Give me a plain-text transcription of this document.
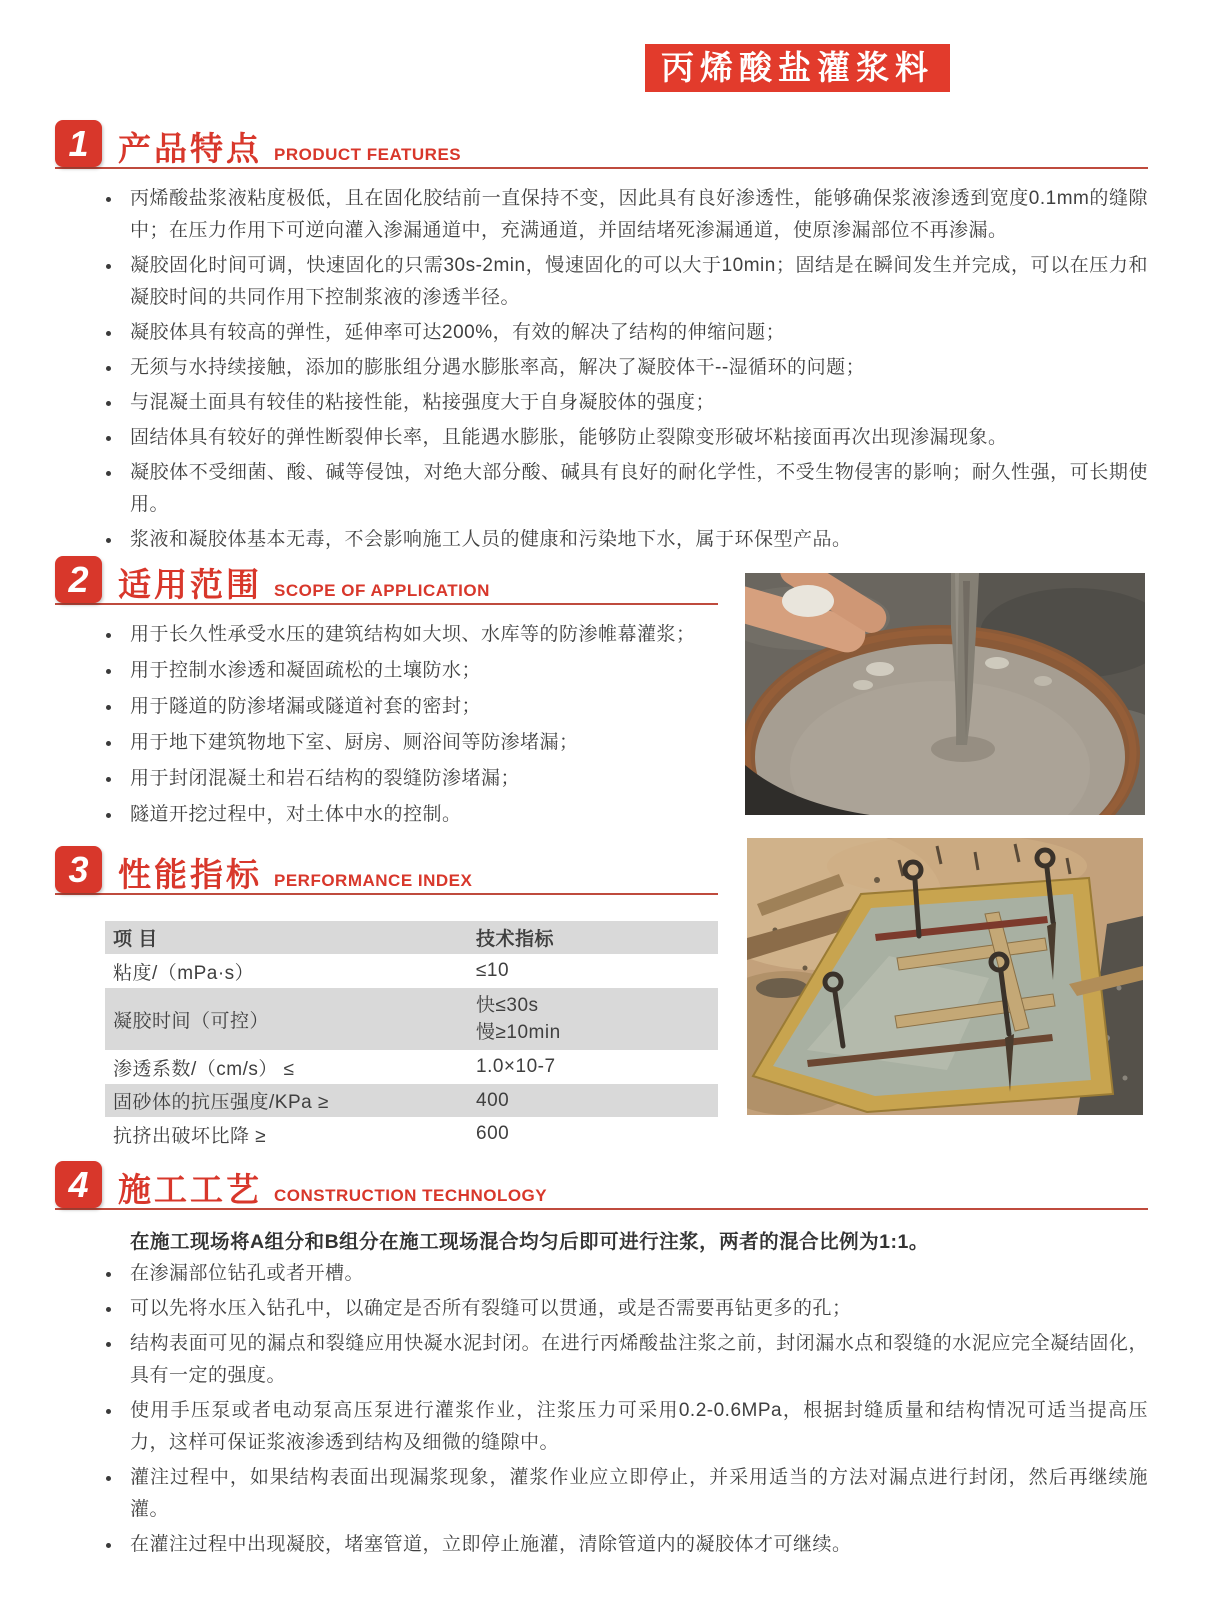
丙烯酸盐灌浆料
1 产品特点 PRODUCT FEATURES
丙烯酸盐浆液粘度极低，且在固化胶结前一直保持不变，因此具有良好渗透性，能够确保浆液渗透到宽度0.1mm的缝隙中；在压力作用下可逆向灌入渗漏通道中，充满通道，并固结堵死渗漏通道，使原渗漏部位不再渗漏。
凝胶固化时间可调，快速固化的只需30s-2min，慢速固化的可以大于10min；固结是在瞬间发生并完成，可以在压力和凝胶时间的共同作用下控制浆液的渗透半径。
凝胶体具有较高的弹性，延伸率可达200%，有效的解决了结构的伸缩问题；
无须与水持续接触，添加的膨胀组分遇水膨胀率高，解决了凝胶体干--湿循环的问题；
与混凝土面具有较佳的粘接性能，粘接强度大于自身凝胶体的强度；
固结体具有较好的弹性断裂伸长率，且能遇水膨胀，能够防止裂隙变形破坏粘接面再次出现渗漏现象。
凝胶体不受细菌、酸、碱等侵蚀，对绝大部分酸、碱具有良好的耐化学性，不受生物侵害的影响；耐久性强，可长期使用。
浆液和凝胶体基本无毒，不会影响施工人员的健康和污染地下水，属于环保型产品。
2 适用范围 SCOPE OF APPLICATION
用于长久性承受水压的建筑结构如大坝、水库等的防渗帷幕灌浆；
用于控制水渗透和凝固疏松的土壤防水；
用于隧道的防渗堵漏或隧道衬套的密封；
用于地下建筑物地下室、厨房、厕浴间等防渗堵漏；
用于封闭混凝土和岩石结构的裂缝防渗堵漏；
隧道开挖过程中，对土体中水的控制。
3 性能指标 PERFORMANCE INDEX
项 目	技术指标
粘度/（mPa·s）	≤10
凝胶时间（可控）	快≤30s
慢≥10min

渗透系数/（cm/s） ≤	1.0×10-7
固砂体的抗压强度/KPa ≥	400
抗挤出破坏比降 ≥	600
4 施工工艺 CONSTRUCTION TECHNOLOGY

在施工现场将A组分和B组分在施工现场混合均匀后即可进行注浆，两者的混合比例为1:1。

在渗漏部位钻孔或者开槽。
可以先将水压入钻孔中，以确定是否所有裂缝可以贯通，或是否需要再钻更多的孔；
结构表面可见的漏点和裂缝应用快凝水泥封闭。在进行丙烯酸盐注浆之前，封闭漏水点和裂缝的水泥应完全凝结固化，具有一定的强度。
使用手压泵或者电动泵高压泵进行灌浆作业，注浆压力可采用0.2-0.6MPa，根据封缝质量和结构情况可适当提高压力，这样可保证浆液渗透到结构及细微的缝隙中。
灌注过程中，如果结构表面出现漏浆现象，灌浆作业应立即停止，并采用适当的方法对漏点进行封闭，然后再继续施灌。
在灌注过程中出现凝胶，堵塞管道，立即停止施灌，清除管道内的凝胶体才可继续。
